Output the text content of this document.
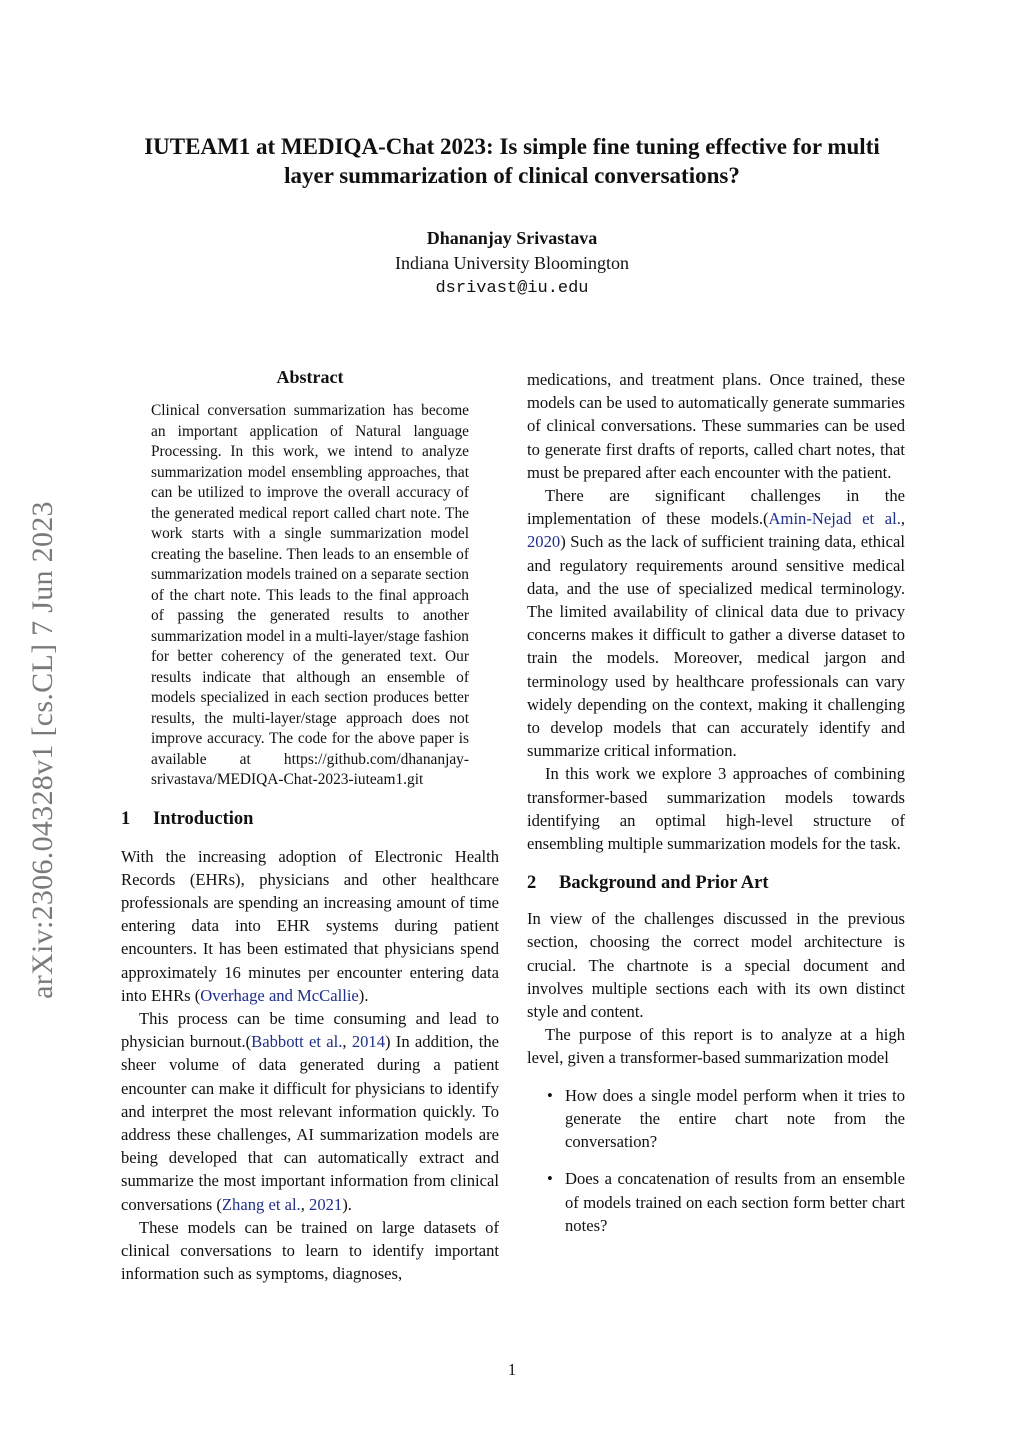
arXiv:2306.04328v1 [cs.CL] 7 Jun 2023
IUTEAM1 at MEDIQA-Chat 2023: Is simple fine tuning effective for multi
layer summarization of clinical conversations?
Dhananjay Srivastava
Indiana University Bloomington
dsrivast@iu.edu
Abstract
Clinical conversation summarization has become an important application of Natural language Processing. In this work, we intend to analyze summarization model ensembling approaches, that can be utilized to improve the overall accuracy of the generated medical report called chart note. The work starts with a single summarization model creating the baseline. Then leads to an ensemble of summarization models trained on a separate section of the chart note. This leads to the final approach of passing the generated results to another summarization model in a multi-layer/stage fashion for better coherency of the generated text. Our results indicate that although an ensemble of models specialized in each section produces better results, the multi-layer/stage approach does not improve accuracy. The code for the above paper is available at https://github.com/dhananjay-srivastava/MEDIQA-Chat-2023-iuteam1.git
1	Introduction

With the increasing adoption of Electronic Health Records (EHRs), physicians and other healthcare professionals are spending an increasing amount of time entering data into EHR systems during patient encounters. It has been estimated that physicians spend approximately 16 minutes per encounter entering data into EHRs (Overhage and McCallie).

This process can be time consuming and lead to physician burnout.(Babbott et al., 2014) In addition, the sheer volume of data generated during a patient encounter can make it difficult for physicians to identify and interpret the most relevant information quickly. To address these challenges, AI summarization models are being developed that can automatically extract and summarize the most important information from clinical conversations (Zhang et al., 2021).

These models can be trained on large datasets of clinical conversations to learn to identify important information such as symptoms, diagnoses,

medications, and treatment plans. Once trained, these models can be used to automatically generate summaries of clinical conversations. These summaries can be used to generate first drafts of reports, called chart notes, that must be prepared after each encounter with the patient.

There are significant challenges in the implementation of these models.(Amin-Nejad et al., 2020) Such as the lack of sufficient training data, ethical and regulatory requirements around sensitive medical data, and the use of specialized medical terminology. The limited availability of clinical data due to privacy concerns makes it difficult to gather a diverse dataset to train the models. Moreover, medical jargon and terminology used by healthcare professionals can vary widely depending on the context, making it challenging to develop models that can accurately identify and summarize critical information.

In this work we explore 3 approaches of combining transformer-based summarization models towards identifying an optimal high-level structure of ensembling multiple summarization models for the task.

2	Background and Prior Art

In view of the challenges discussed in the previous section, choosing the correct model architecture is crucial. The chartnote is a special document and involves multiple sections each with its own distinct style and content.

The purpose of this report is to analyze at a high level, given a transformer-based summarization model

• How does a single model perform when it tries to generate the entire chart note from the conversation?
• Does a concatenation of results from an ensemble of models trained on each section form better chart notes?
1
